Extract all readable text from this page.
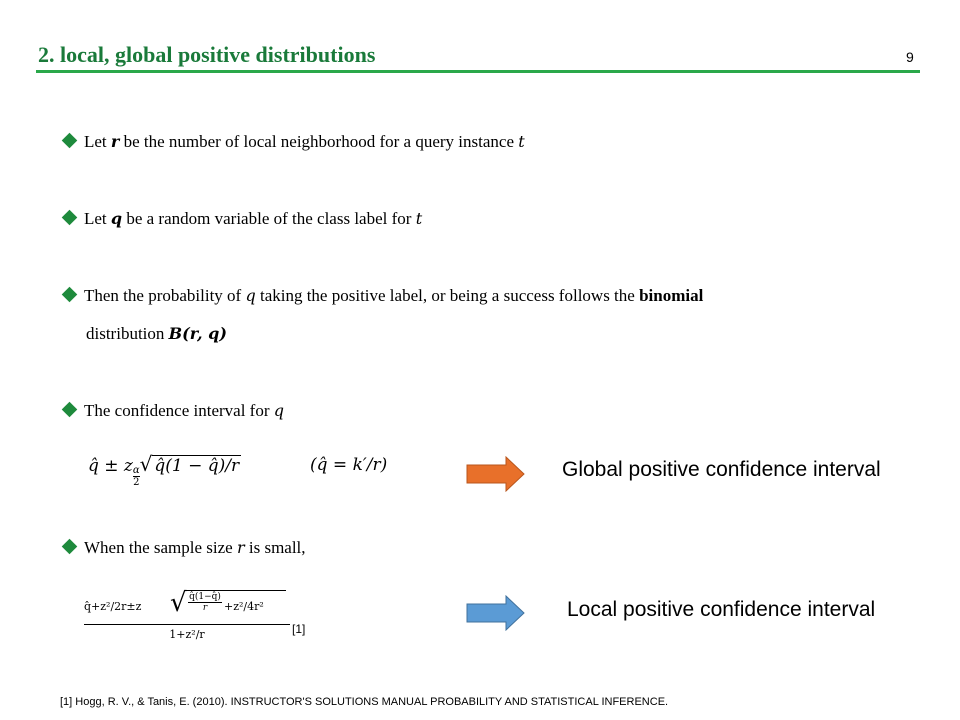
2. local, global positive distributions	9
Let r be the number of local neighborhood for a query instance t
Let q be a random variable of the class label for t
Then the probability of q taking the positive label, or being a success follows the binomial
distribution B(r, q)
The confidence interval for q
q̂ ± z $\frac{\alpha}{2}$
√ q̂(1 − q̂)/r	(q̂ = k′/r)	Global positive confidence interval
When the sample size r is small,
q̂+z²/2r±z √ $\frac{q̂(1-q̂)}{r} +z^2/4r^2$
1+z²/r	[1]
Local positive confidence interval
[1] Hogg, R. V., & Tanis, E. (2010). INSTRUCTOR'S SOLUTIONS MANUAL PROBABILITY AND STATISTICAL INFERENCE.
